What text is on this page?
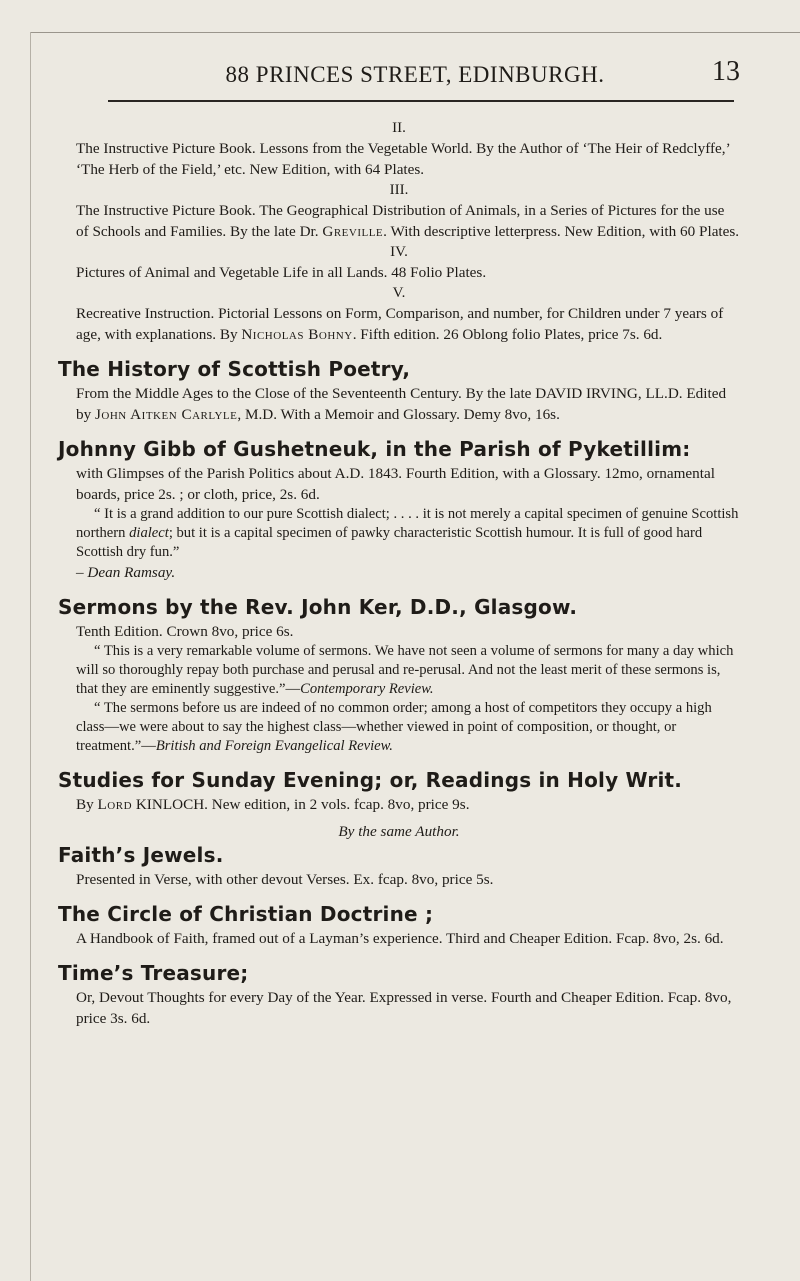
88 PRINCES STREET, EDINBURGH.	13

II.

The Instructive Picture Book. Lessons from the Vegetable World. By the Author of ‘The Heir of Redclyffe,’ ‘The Herb of the Field,’ etc. New Edition, with 64 Plates.

III.

The Instructive Picture Book. The Geographical Distribution of Animals, in a Series of Pictures for the use of Schools and Families. By the late Dr. Greville. With descriptive letterpress. New Edition, with 60 Plates.

IV.

Pictures of Animal and Vegetable Life in all Lands. 48 Folio Plates.

V.

Recreative Instruction. Pictorial Lessons on Form, Comparison, and number, for Children under 7 years of age, with explanations. By Nicholas Bohny. Fifth edition. 26 Oblong folio Plates, price 7s. 6d.

The History of Scottish Poetry,

From the Middle Ages to the Close of the Seventeenth Century. By the late DAVID IRVING, LL.D. Edited by John Aitken Carlyle, M.D. With a Memoir and Glossary. Demy 8vo, 16s.

Johnny Gibb of Gushetneuk, in the Parish of Pyketillim:

with Glimpses of the Parish Politics about A.D. 1843. Fourth Edition, with a Glossary. 12mo, ornamental boards, price 2s. ; or cloth, price, 2s. 6d.

“ It is a grand addition to our pure Scottish dialect; . . . . it is not merely a capital specimen of genuine Scottish northern dialect; but it is a capital specimen of pawky characteristic Scottish humour. It is full of good hard Scottish dry fun.”

– Dean Ramsay.

Sermons by the Rev. John Ker, D.D., Glasgow.

Tenth Edition. Crown 8vo, price 6s.

“ This is a very remarkable volume of sermons. We have not seen a volume of sermons for many a day which will so thoroughly repay both purchase and perusal and re-perusal. And not the least merit of these sermons is, that they are eminently suggestive.”—Contemporary Review.

“ The sermons before us are indeed of no common order; among a host of competitors they occupy a high class—we were about to say the highest class—whether viewed in point of composition, or thought, or treatment.”—British and Foreign Evangelical Review.

Studies for Sunday Evening; or, Readings in Holy Writ.

By Lord KINLOCH. New edition, in 2 vols. fcap. 8vo, price 9s.

By the same Author.

Faith’s Jewels.

Presented in Verse, with other devout Verses. Ex. fcap. 8vo, price 5s.

The Circle of Christian Doctrine ;

A Handbook of Faith, framed out of a Layman’s experience. Third and Cheaper Edition. Fcap. 8vo, 2s. 6d.

Time’s Treasure;

Or, Devout Thoughts for every Day of the Year. Expressed in verse. Fourth and Cheaper Edition. Fcap. 8vo, price 3s. 6d.
